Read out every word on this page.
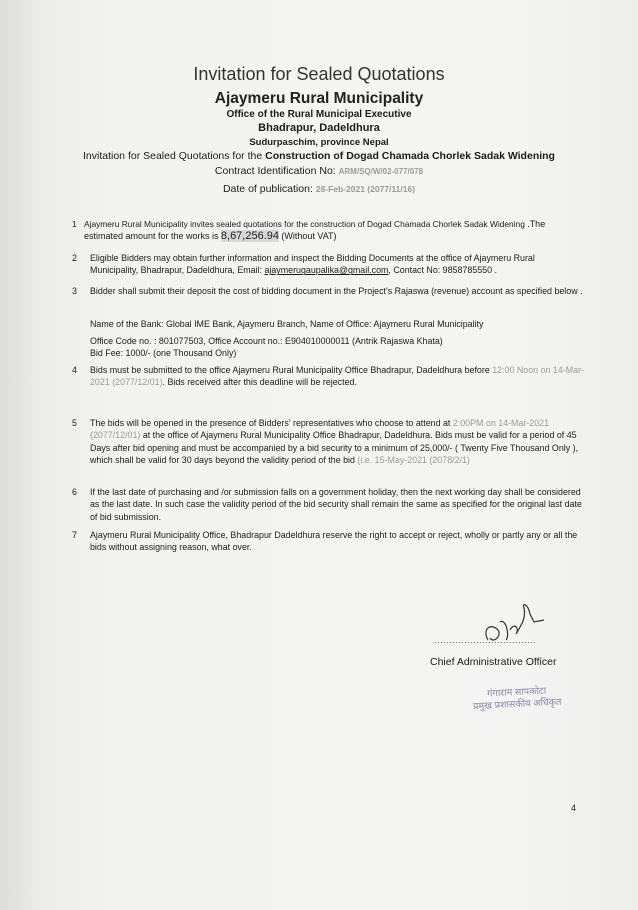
Invitation for Sealed Quotations
Ajaymeru Rural Municipality
Office of the Rural Municipal Executive
Bhadrapur, Dadeldhura
Sudurpaschim, province Nepal
Invitation for Sealed Quotations for the Construction of Dogad Chamada Chorlek Sadak Widening
Contract Identification No: ARM/SQ/W/02-077/078
Date of publication: 28-Feb-2021 (2077/11/16)
1 Ajaymeru Rural Municipality invites sealed quotations for the construction of Dogad Chamada Chorlek Sadak Widening .The estimated amount for the works is 8,67,256.94 (Without VAT)
2 Eligible Bidders may obtain further information and inspect the Bidding Documents at the office of Ajaymeru Rural Municipality, Bhadrapur, Dadeldhura, Email: ajaymerugaupalika@gmail.com, Contact No: 9858785550 .
3 Bidder shall submit their deposit the cost of bidding document in the Project's Rajaswa (revenue) account as specified below .
Name of the Bank: Global IME Bank, Ajaymeru Branch, Name of Office: Ajaymeru Rural Municipality
Office Code no. : 801077503, Office Account no.: E904010000011 (Antrik Rajaswa Khata)
Bid Fee: 1000/- (one Thousand Only)
4 Bids must be submitted to the office Ajaymeru Rural Municipality Office Bhadrapur, Dadeldhura before 12:00 Noon on 14-Mar-2021 (2077/12/01). Bids received after this deadline will be rejected.
5 The bids will be opened in the presence of Bidders' representatives who choose to attend at 2:00PM on 14-Mar-2021 (2077/12/01) at the office of Ajaymeru Rural Municipality Office Bhadrapur, Dadeldhura. Bids must be valid for a period of 45 Days after bid opening and must be accompanied by a bid security to a minimum of 25,000/- ( Twenty Five Thousand Only ), which shall be valid for 30 days beyond the validity period of the bid (i.e. 15-May-2021 (2078/2/1)
6 If the last date of purchasing and /or submission falls on a government holiday, then the next working day shall be considered as the last date. In such case the validity period of the bid security shall remain the same as specified for the original last date of bid submission.
7 Ajaymeru Rural Municipality Office, Bhadrapur Dadeldhura reserve the right to accept or reject, wholly or partly any or all the bids without assigning reason, what over.
..................................
Chief Administrative Officer
गंगाराम सापकोटा
प्रमुख प्रशासकीय अधिकृत
4
